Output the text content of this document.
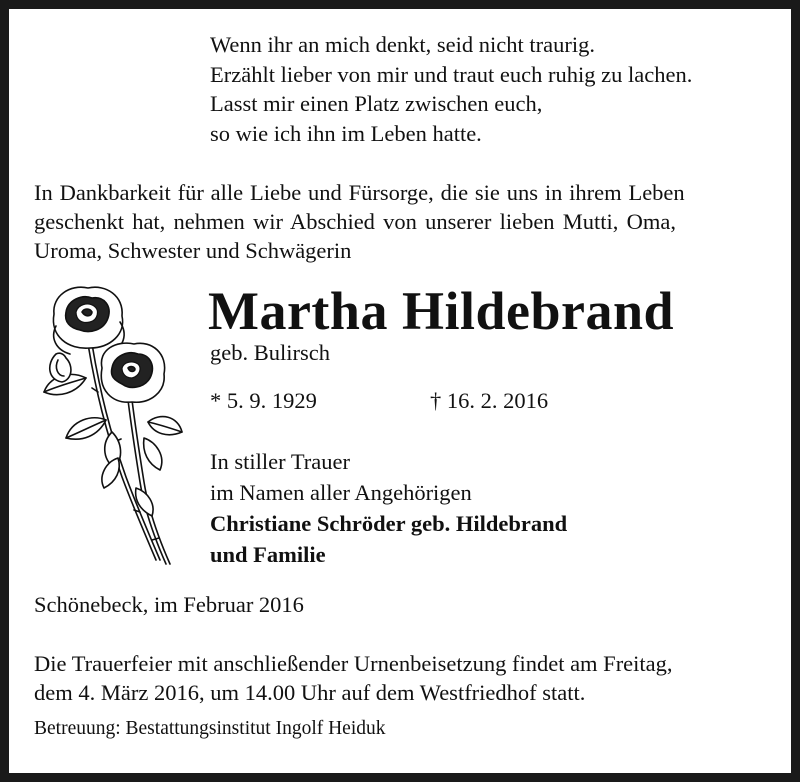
Wenn ihr an mich denkt, seid nicht traurig.
Erzählt lieber von mir und traut euch ruhig zu lachen.
Lasst mir einen Platz zwischen euch,
so wie ich ihn im Leben hatte.
In Dankbarkeit für alle Liebe und Fürsorge, die sie uns in ihrem Leben
geschenkt hat, nehmen wir Abschied von unserer lieben Mutti, Oma,
Uroma, Schwester und Schwägerin
Martha Hildebrand
geb. Bulirsch
* 5. 9. 1929	† 16. 2. 2016
In stiller Trauer
im Namen aller Angehörigen
Christiane Schröder geb. Hildebrand
und Familie
Schönebeck, im Februar 2016
Die Trauerfeier mit anschließender Urnenbeisetzung findet am Freitag,
dem 4. März 2016, um 14.00 Uhr auf dem Westfriedhof statt.
Betreuung: Bestattungsinstitut Ingolf Heiduk
